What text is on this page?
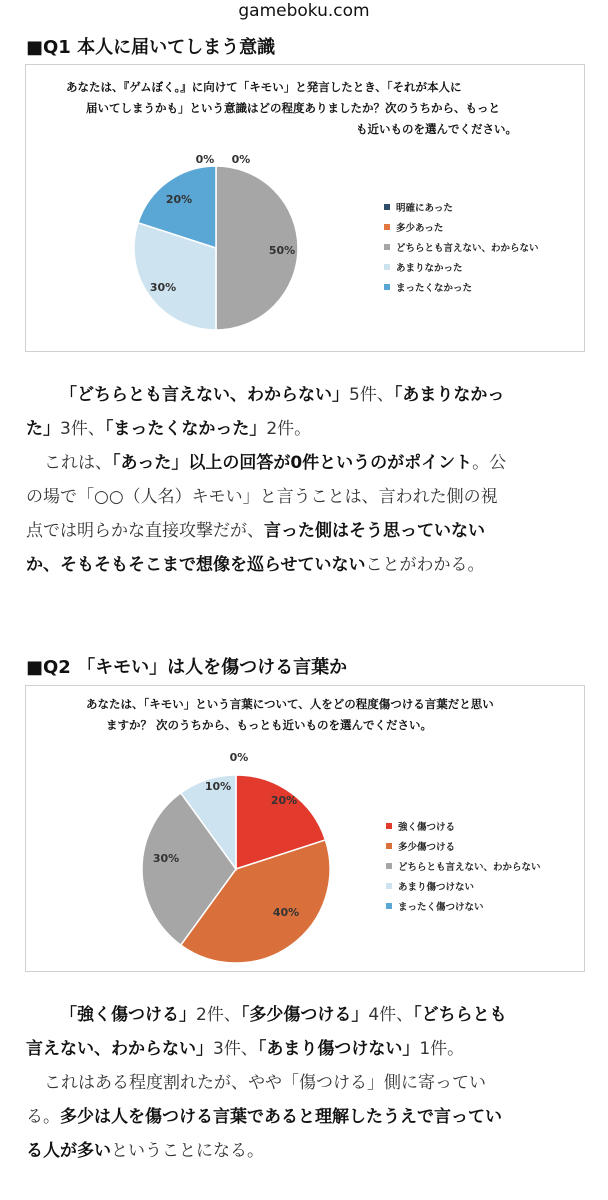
gameboku.com
■Q1 本人に届いてしまう意識
あなたは、『ゲムぼく。』に向けて「キモい」と発言したとき、「それが本人に
届いてしまうかも」という意識はどの程度ありましたか？次のうちから、もっと
も近いものを選んでください。
0% 0%
50%
30%
20%
明確にあった
多少あった
どちらとも言えない、わからない
あまりなかった
まったくなかった
「どちらとも言えない、わからない」5件、「あまりなかっ
た」3件、「まったくなかった」2件。
これは、「あった」以上の回答が0件というのがポイント。公
の場で「○○（人名）キモい」と言うことは、言われた側の視
点では明らかな直接攻撃だが、言った側はそう思っていない
か、そもそもそこまで想像を巡らせていないことがわかる。
■Q2 「キモい」は人を傷つける言葉か
あなたは、「キモい」という言葉について、人をどの程度傷つける言葉だと思い
ますか？ 次のうちから、もっとも近いものを選んでください。
20%
40%
30%
10%
0%
強く傷つける
多少傷つける
どちらとも言えない、わからない
あまり傷つけない
まったく傷つけない
「強く傷つける」2件、「多少傷つける」4件、「どちらとも
言えない、わからない」3件、「あまり傷つけない」1件。
これはある程度割れたが、やや「傷つける」側に寄ってい
る。多少は人を傷つける言葉であると理解したうえで言ってい
る人が多いということになる。
